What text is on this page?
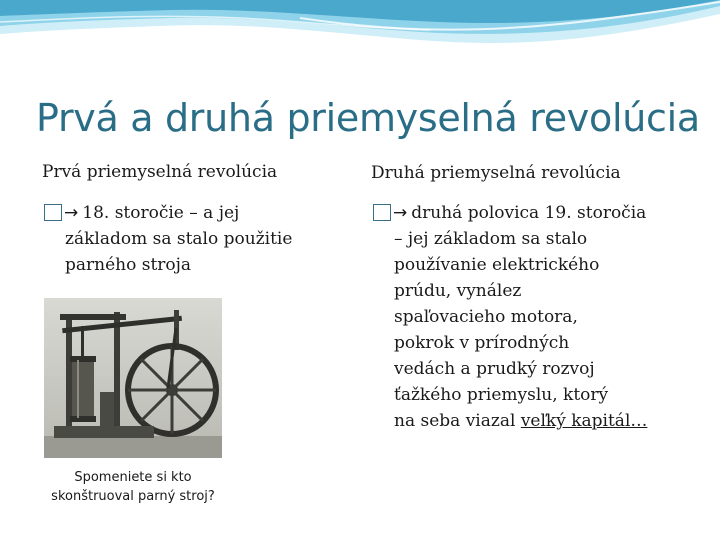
Prvá a druhá priemyselná revolúcia
Prvá priemyselná revolúcia	Druhá priemyselná revolúcia
→ 18. storočie – a jej
základom sa stalo použitie
parného stroja
→ druhá polovica 19. storočia
– jej základom sa stalo
používanie elektrického
prúdu, vynález
spaľovacieho motora,
pokrok v prírodných
vedách a prudký rozvoj
ťažkého priemyslu, ktorý
na seba viazal veľký kapitál…
Spomeniete si kto
skonštruoval parný stroj?
